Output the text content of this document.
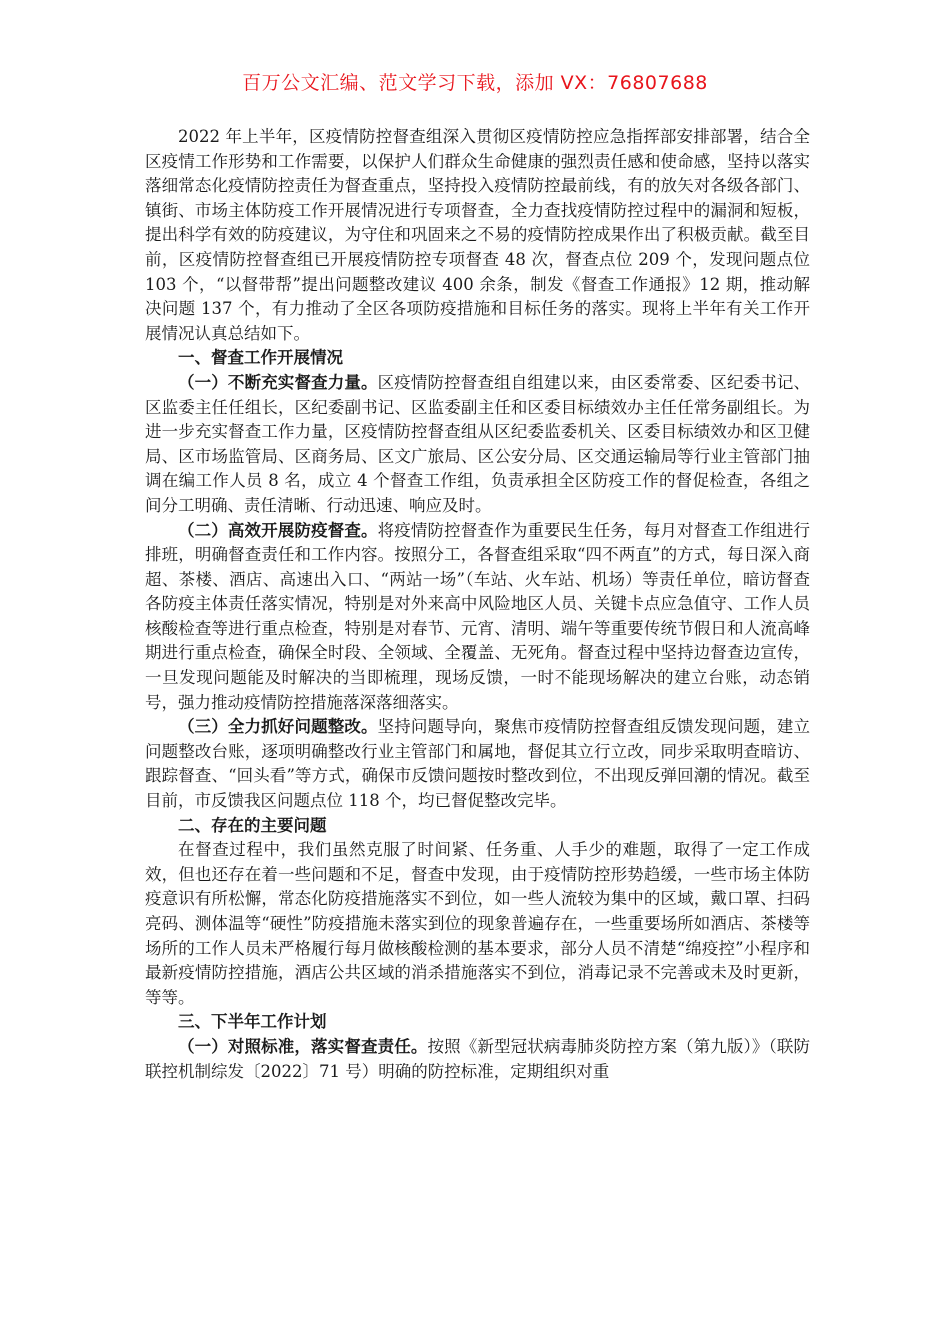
百万公文汇编、范文学习下载，添加 VX：76807688

2022 年上半年，区疫情防控督查组深入贯彻区疫情防控应急指挥部安排部署，结合全区疫情工作形势和工作需要，以保护人们群众生命健康的强烈责任感和使命感，坚持以落实落细常态化疫情防控责任为督查重点，坚持投入疫情防控最前线，有的放矢对各级各部门、镇街、市场主体防疫工作开展情况进行专项督查，全力查找疫情防控过程中的漏洞和短板，提出科学有效的防疫建议，为守住和巩固来之不易的疫情防控成果作出了积极贡献。截至目前，区疫情防控督查组已开展疫情防控专项督查 48 次，督查点位 209 个，发现问题点位 103 个，“以督带帮”提出问题整改建议 400 余条，制发《督查工作通报》12 期，推动解决问题 137 个，有力推动了全区各项防疫措施和目标任务的落实。现将上半年有关工作开展情况认真总结如下。

一、督查工作开展情况

（一）不断充实督查力量。区疫情防控督查组自组建以来，由区委常委、区纪委书记、区监委主任任组长，区纪委副书记、区监委副主任和区委目标绩效办主任任常务副组长。为进一步充实督查工作力量，区疫情防控督查组从区纪委监委机关、区委目标绩效办和区卫健局、区市场监管局、区商务局、区文广旅局、区公安分局、区交通运输局等行业主管部门抽调在编工作人员 8 名，成立 4 个督查工作组，负责承担全区防疫工作的督促检查，各组之间分工明确、责任清晰、行动迅速、响应及时。

（二）高效开展防疫督查。将疫情防控督查作为重要民生任务，每月对督查工作组进行排班，明确督查责任和工作内容。按照分工，各督查组采取“四不两直”的方式，每日深入商超、茶楼、酒店、高速出入口、“两站一场”（车站、火车站、机场）等责任单位，暗访督查各防疫主体责任落实情况，特别是对外来高中风险地区人员、关键卡点应急值守、工作人员核酸检查等进行重点检查，特别是对春节、元宵、清明、端午等重要传统节假日和人流高峰期进行重点检查，确保全时段、全领域、全覆盖、无死角。督查过程中坚持边督查边宣传，一旦发现问题能及时解决的当即梳理，现场反馈，一时不能现场解决的建立台账，动态销号，强力推动疫情防控措施落深落细落实。

（三）全力抓好问题整改。坚持问题导向，聚焦市疫情防控督查组反馈发现问题，建立问题整改台账，逐项明确整改行业主管部门和属地，督促其立行立改，同步采取明查暗访、跟踪督查、“回头看”等方式，确保市反馈问题按时整改到位，不出现反弹回潮的情况。截至目前，市反馈我区问题点位 118 个，均已督促整改完毕。

二、存在的主要问题

在督查过程中，我们虽然克服了时间紧、任务重、人手少的难题，取得了一定工作成效，但也还存在着一些问题和不足，督查中发现，由于疫情防控形势趋缓，一些市场主体防疫意识有所松懈，常态化防疫措施落实不到位，如一些人流较为集中的区域，戴口罩、扫码亮码、测体温等“硬性”防疫措施未落实到位的现象普遍存在，一些重要场所如酒店、茶楼等场所的工作人员未严格履行每月做核酸检测的基本要求，部分人员不清楚“绵疫控”小程序和最新疫情防控措施，酒店公共区域的消杀措施落实不到位，消毒记录不完善或未及时更新，等等。

三、下半年工作计划

（一）对照标准，落实督查责任。按照《新型冠状病毒肺炎防控方案（第九版）》（联防联控机制综发〔2022〕71 号）明确的防控标准，定期组织对重
